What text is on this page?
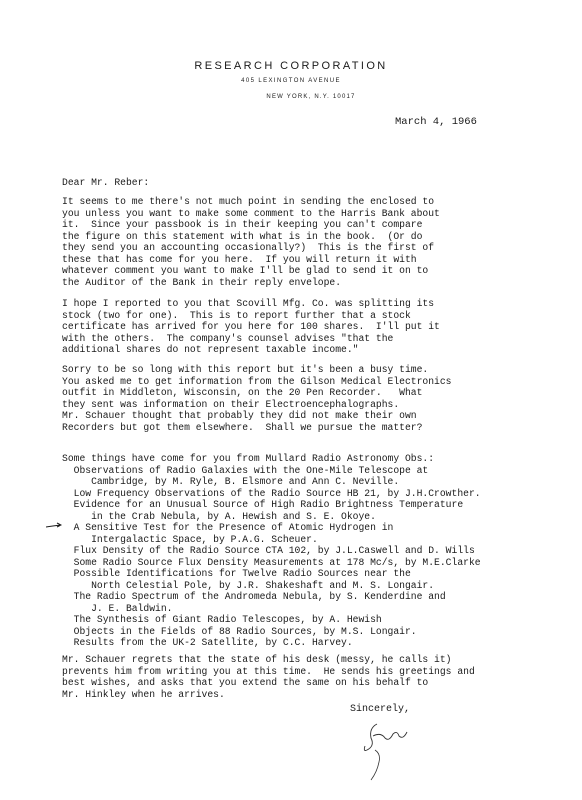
RESEARCH CORPORATION
405 LEXINGTON AVENUE
NEW YORK, N.Y. 10017
March 4, 1966
Dear Mr. Reber:
It seems to me there's not much point in sending the enclosed to
you unless you want to make some comment to the Harris Bank about
it.  Since your passbook is in their keeping you can't compare
the figure on this statement with what is in the book.  (Or do
they send you an accounting occasionally?)  This is the first of
these that has come for you here.  If you will return it with
whatever comment you want to make I'll be glad to send it on to
the Auditor of the Bank in their reply envelope.
I hope I reported to you that Scovill Mfg. Co. was splitting its
stock (two for one).  This is to report further that a stock
certificate has arrived for you here for 100 shares.  I'll put it
with the others.  The company's counsel advises "that the
additional shares do not represent taxable income."
Sorry to be so long with this report but it's been a busy time.
You asked me to get information from the Gilson Medical Electronics
outfit in Middleton, Wisconsin, on the 20 Pen Recorder.   What
they sent was information on their Electroencephalographs.
Mr. Schauer thought that probably they did not make their own
Recorders but got them elsewhere.  Shall we pursue the matter?
Some things have come for you from Mullard Radio Astronomy Obs.:
Observations of Radio Galaxies with the One-Mile Telescope at
Cambridge, by M. Ryle, B. Elsmore and Ann C. Neville.
Low Frequency Observations of the Radio Source HB 21, by J.H.Crowther.
Evidence for an Unusual Source of High Radio Brightness Temperature
in the Crab Nebula, by A. Hewish and S. E. Okoye.
A Sensitive Test for the Presence of Atomic Hydrogen in
Intergalactic Space, by P.A.G. Scheuer.
Flux Density of the Radio Source CTA 102, by J.L.Caswell and D. Wills
Some Radio Source Flux Density Measurements at 178 Mc/s, by M.E.Clarke
Possible Identifications for Twelve Radio Sources near the
North Celestial Pole, by J.R. Shakeshaft and M. S. Longair.
The Radio Spectrum of the Andromeda Nebula, by S. Kenderdine and
J. E. Baldwin.
The Synthesis of Giant Radio Telescopes, by A. Hewish
Objects in the Fields of 88 Radio Sources, by M.S. Longair.
Results from the UK-2 Satellite, by C.C. Harvey.
Mr. Schauer regrets that the state of his desk (messy, he calls it)
prevents him from writing you at this time.  He sends his greetings and
best wishes, and asks that you extend the same on his behalf to
Mr. Hinkley when he arrives.
Sincerely,
